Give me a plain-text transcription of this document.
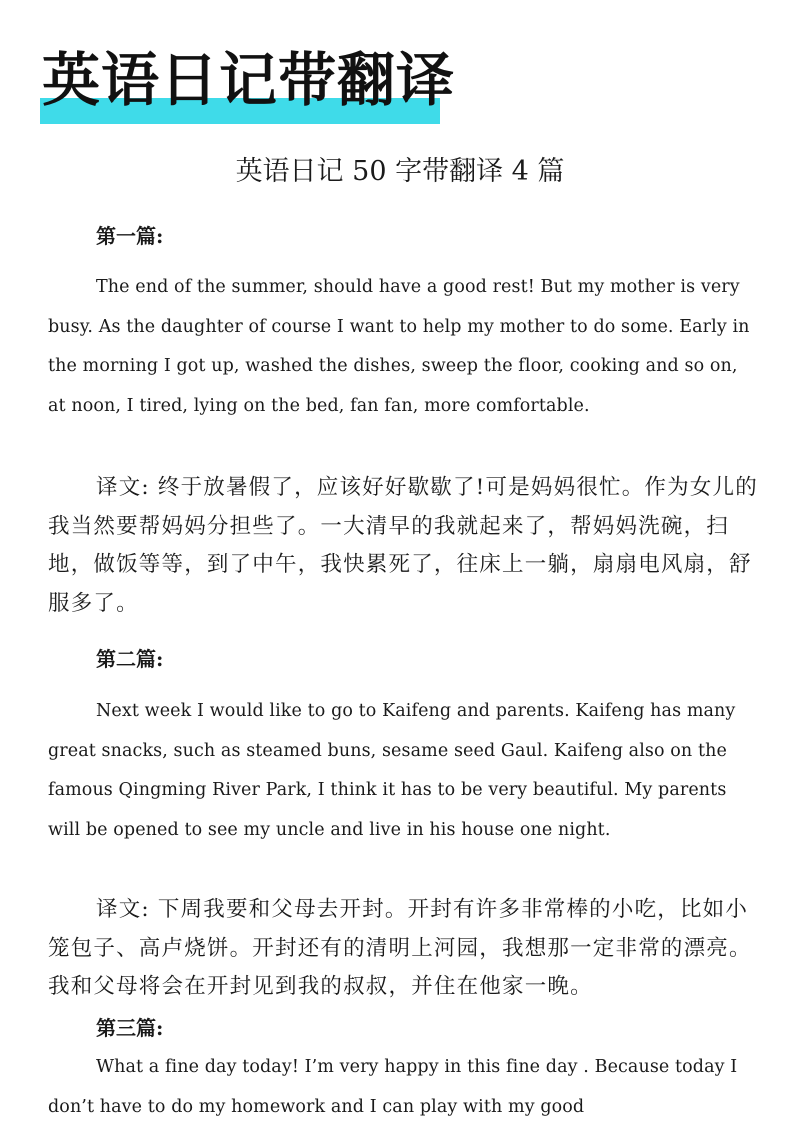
英语日记带翻译
英语日记 50 字带翻译 4 篇
第一篇:

The end of the summer, should have a good rest! But my mother is very busy. As the daughter of course I want to help my mother to do some. Early in the morning I got up, washed the dishes, sweep the floor, cooking and so on, at noon, I tired, lying on the bed, fan fan, more comfortable.

译文: 终于放暑假了，应该好好歇歇了!可是妈妈很忙。作为女儿的我当然要帮妈妈分担些了。一大清早的我就起来了，帮妈妈洗碗，扫地，做饭等等，到了中午，我快累死了，往床上一躺，扇扇电风扇，舒服多了。

第二篇:

Next week I would like to go to Kaifeng and parents. Kaifeng has many great snacks, such as steamed buns, sesame seed Gaul. Kaifeng also on the famous Qingming River Park, I think it has to be very beautiful. My parents will be opened to see my uncle and live in his house one night.

译文: 下周我要和父母去开封。开封有许多非常棒的小吃，比如小笼包子、高卢烧饼。开封还有的清明上河园，我想那一定非常的漂亮。我和父母将会在开封见到我的叔叔，并住在他家一晚。

第三篇:

What a fine day today! I’m very happy in this fine day . Because today I don’t have to do my homework and I can play with my good
